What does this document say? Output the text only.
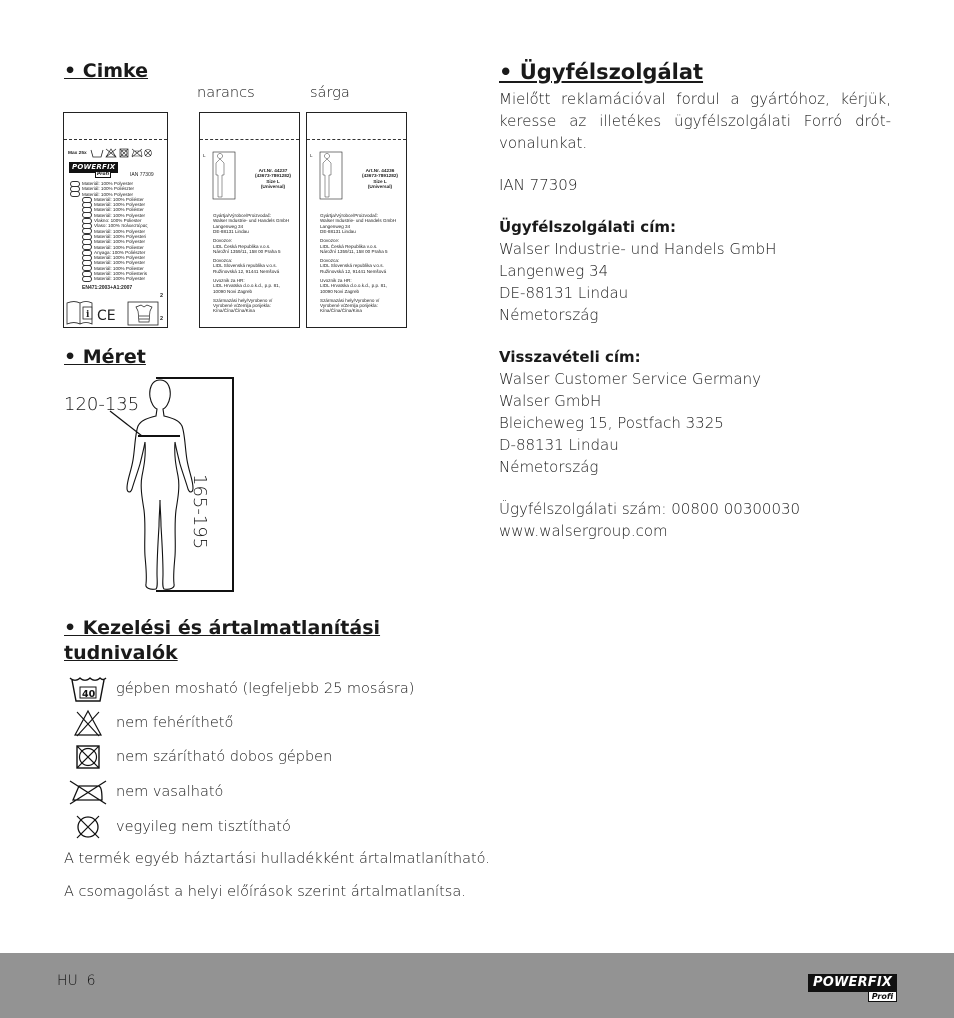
• Cimke
narancs	sárga
Max 25x
POWERFIX
Profi	IAN 77309
Materiál: 100% Polyester
Materiál: 100% Poliészter
Materiál: 100% Polyester
Materiál: 100% Poliéster
Materiál: 100% Polyester
Materiál: 100% Poliéster
Materiál: 100% Polyester
Vlakno: 100% Poliester
Vlaso: 100% πολυεστέρας
Materiál: 100% Polyester
Materiál: 100% Polyesteri
Materiál: 100% Polyester
Materiál: 100% Poliester
Anyaga: 100% Poliészter
Materiál: 100% Polyester
Materiál: 100% Polyester
Materiál: 100% Poliester
Materiál: 100% Poliesteris
Materiál: 100% Polyester
EN471:2003+A1:2007
i CE
2
2
L
Art.Nr. 44237
(43673-7891282)
Size L
(Universal)
Gyártja/Výrobce/Proizvodač:
Walser Industrie- und Handels GmbH
Langenweg 34
DE-88131 Lindau
Dovozce:
LIDL Česká Republika v.o.s.
Nárožní 1359/11, 158 00 Praha 5
Dovozca:
LIDL Slovenská republika v.o.s.
Ružinovská 12, 91441 Nemšová
Uvoznik za HR:
LIDL Hrvatska d.o.o.k.d., p.p. 81,
10090 Novi Zagreb
Származási hely/Vyrobeno v/
Vyrobené v/Zemlja porijekla:
Kína/Čína/Čína/Kina
L
Art.Nr. 44236
(43673-7891282)
Size L
(Universal)
Gyártja/Výrobce/Proizvodač:
Walser Industrie- und Handels GmbH
Langenweg 34
DE-88131 Lindau
Dovozce:
LIDL Česká Republika v.o.s.
Nárožní 1359/11, 158 00 Praha 5
Dovozca:
LIDL Slovenská republika v.o.s.
Ružinovská 12, 91441 Nemšová
Uvoznik za HR:
LIDL Hrvatska d.o.o.k.d., p.p. 81,
10090 Novi Zagreb
Származási hely/Vyrobeno v/
Vyrobené v/Zemlja porijekla:
Kína/Čína/Čína/Kina
• Méret
120-135
165-195
• Kezelési és ártalmatlanítási
tudnivalók
40 gépben mosható (legfeljebb 25 mosásra)
nem fehéríthető
nem szárítható dobos gépben
nem vasalható
vegyileg nem tisztítható
A termék egyéb háztartási hulladékként ártalmatlanítható.
A csomagolást a helyi előírások szerint ártalmatlanítsa.
• Ügyfélszolgálat

Mielőtt reklamációval fordul a gyártóhoz, kérjük, keresse az illetékes ügyfélszolgálati Forró drót-vonalunkat.

IAN 77309

Ügyfélszolgálati cím:

Walser Industrie- und Handels GmbH

Langenweg 34

DE-88131 Lindau

Németország

Visszavételi cím:

Walser Customer Service Germany

Walser GmbH

Bleicheweg 15, Postfach 3325

D-88131 Lindau

Németország

Ügyfélszolgálati szám: 00800 00300030

www.walsergroup.com

HU  6	POWERFIX
Profi
